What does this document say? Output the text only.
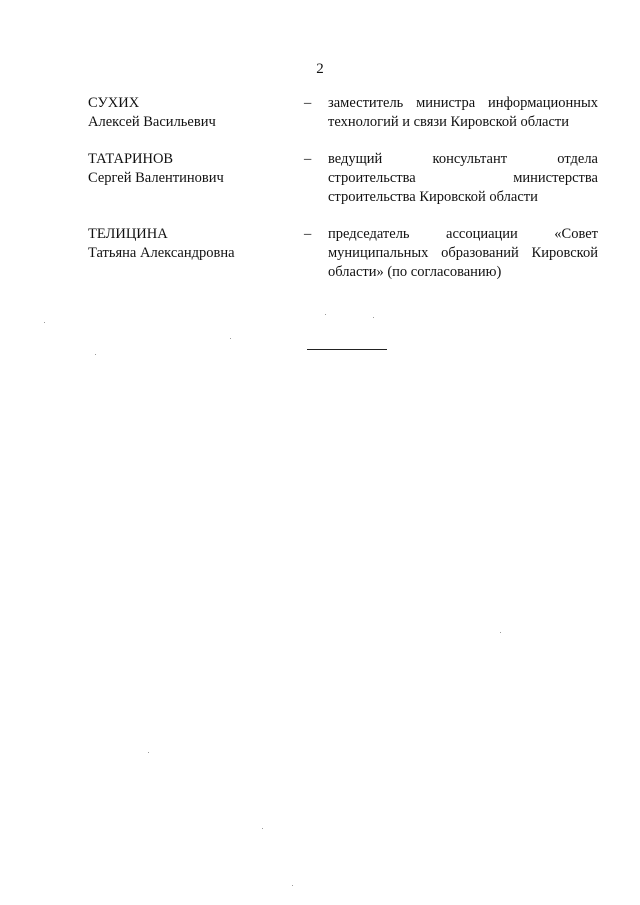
2
СУХИХ
Алексей Васильевич
–	заместитель министра информационных
технологий и связи Кировской области
ТАТАРИНОВ
Сергей Валентинович
–	ведущий консультант отдела
строительства министерства
строительства Кировской области
ТЕЛИЦИНА
Татьяна Александровна
–	председатель ассоциации «Совет
муниципальных образований Кировской
области» (по согласованию)
